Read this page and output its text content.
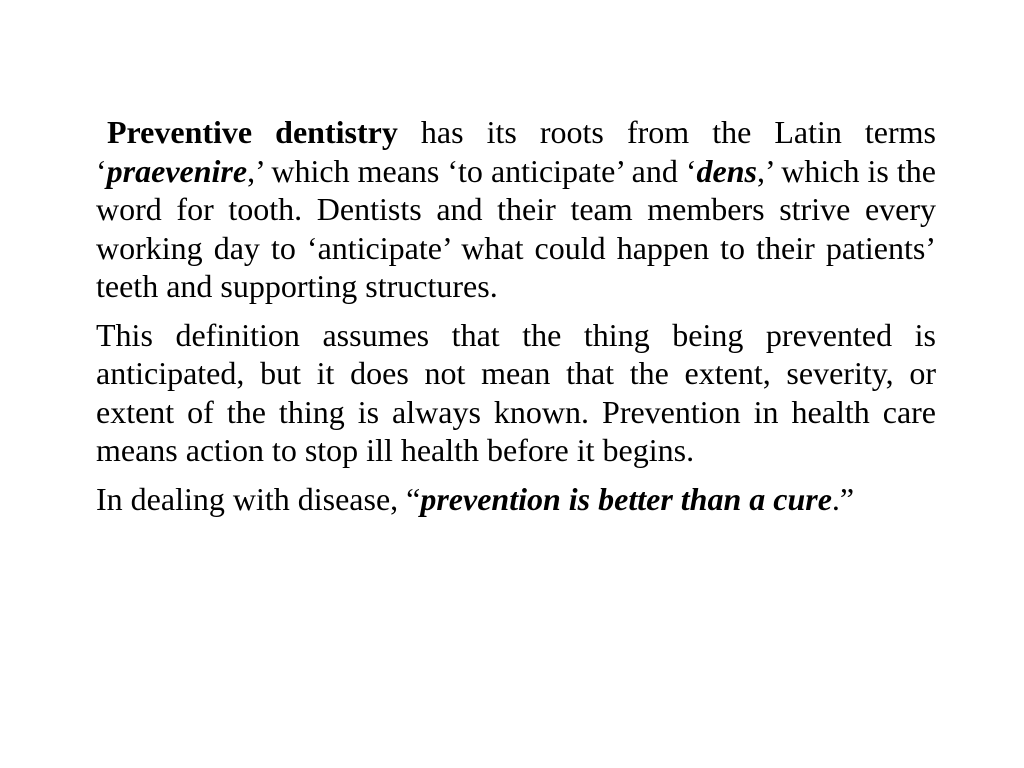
Preventive dentistry has its roots from the Latin terms ‘praevenire,’ which means ‘to anticipate’ and ‘dens,’ which is the word for tooth. Dentists and their team members strive every working day to ‘anticipate’ what could happen to their patients’ teeth and supporting structures.

This definition assumes that the thing being prevented is anticipated, but it does not mean that the extent, severity, or extent of the thing is always known. Prevention in health care means action to stop ill health before it begins.

In dealing with disease, “prevention is better than a cure.”
